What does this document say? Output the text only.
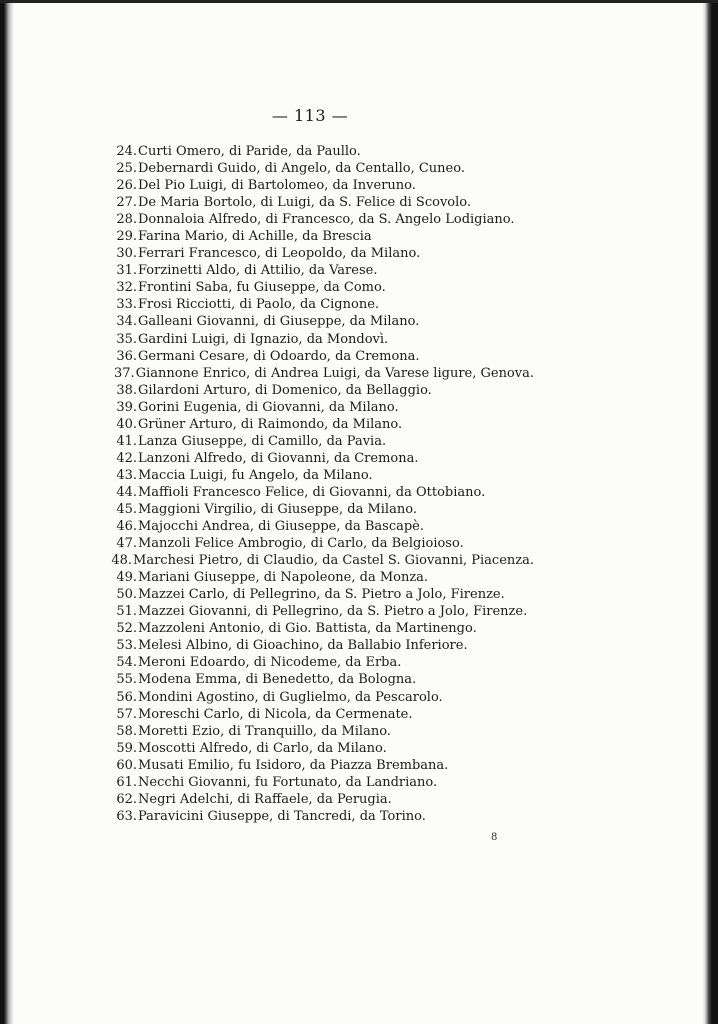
— 113 —
24. Curti Omero, di Paride, da Paullo.
25. Debernardi Guido, di Angelo, da Centallo, Cuneo.
26. Del Pio Luigi, di Bartolomeo, da Inveruno.
27. De Maria Bortolo, di Luigi, da S. Felice di Scovolo.
28. Donnaloia Alfredo, di Francesco, da S. Angelo Lodigiano.
29. Farina Mario, di Achille, da Brescia
30. Ferrari Francesco, di Leopoldo, da Milano.
31. Forzinetti Aldo, di Attilio, da Varese.
32. Frontini Saba, fu Giuseppe, da Como.
33. Frosi Ricciotti, di Paolo, da Cignone.
34. Galleani Giovanni, di Giuseppe, da Milano.
35. Gardini Luigi, di Ignazio, da Mondovì.
36. Germani Cesare, di Odoardo, da Cremona.
37. Giannone Enrico, di Andrea Luigi, da Varese ligure, Genova.
38. Gilardoni Arturo, di Domenico, da Bellaggio.
39. Gorini Eugenia, di Giovanni, da Milano.
40. Grüner Arturo, di Raimondo, da Milano.
41. Lanza Giuseppe, di Camillo, da Pavia.
42. Lanzoni Alfredo, di Giovanni, da Cremona.
43. Maccia Luigi, fu Angelo, da Milano.
44. Maffioli Francesco Felice, di Giovanni, da Ottobiano.
45. Maggioni Virgilio, di Giuseppe, da Milano.
46. Majocchi Andrea, di Giuseppe, da Bascapè.
47. Manzoli Felice Ambrogio, di Carlo, da Belgioioso.
48. Marchesi Pietro, di Claudio, da Castel S. Giovanni, Piacenza.
49. Mariani Giuseppe, di Napoleone, da Monza.
50. Mazzei Carlo, di Pellegrino, da S. Pietro a Jolo, Firenze.
51. Mazzei Giovanni, di Pellegrino, da S. Pietro a Jolo, Firenze.
52. Mazzoleni Antonio, di Gio. Battista, da Martinengo.
53. Melesi Albino, di Gioachino, da Ballabio Inferiore.
54. Meroni Edoardo, di Nicodeme, da Erba.
55. Modena Emma, di Benedetto, da Bologna.
56. Mondini Agostino, di Guglielmo, da Pescarolo.
57. Moreschi Carlo, di Nicola, da Cermenate.
58. Moretti Ezio, di Tranquillo, da Milano.
59. Moscotti Alfredo, di Carlo, da Milano.
60. Musati Emilio, fu Isidoro, da Piazza Brembana.
61. Necchi Giovanni, fu Fortunato, da Landriano.
62. Negri Adelchi, di Raffaele, da Perugia.
63. Paravicini Giuseppe, di Tancredi, da Torino.
8
